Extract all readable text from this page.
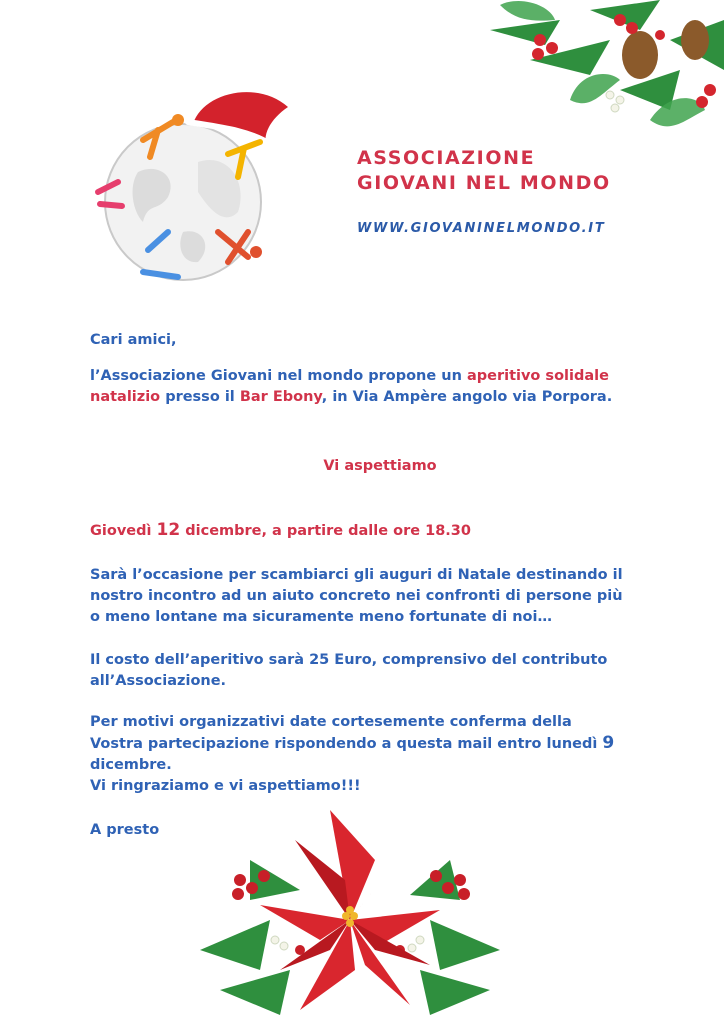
ASSOCIAZIONE
GIOVANI NEL MONDO
WWW.GIOVANINELMONDO.IT

Cari amici,

l’Associazione Giovani nel mondo propone un aperitivo solidale
natalizio presso il Bar Ebony, in Via Ampère angolo via Porpora.

Vi aspettiamo

Giovedì 12 dicembre, a partire dalle ore 18.30

Sarà l’occasione per scambiarci gli auguri di Natale destinando il
nostro incontro ad un aiuto concreto nei confronti di persone più
o meno lontane ma sicuramente meno fortunate di noi…

Il costo dell’aperitivo sarà 25 Euro, comprensivo del contributo
all’Associazione.

Per motivi organizzativi date cortesemente conferma della
Vostra partecipazione rispondendo a questa mail entro lunedì 9
dicembre.
Vi ringraziamo e vi aspettiamo!!!

A presto
